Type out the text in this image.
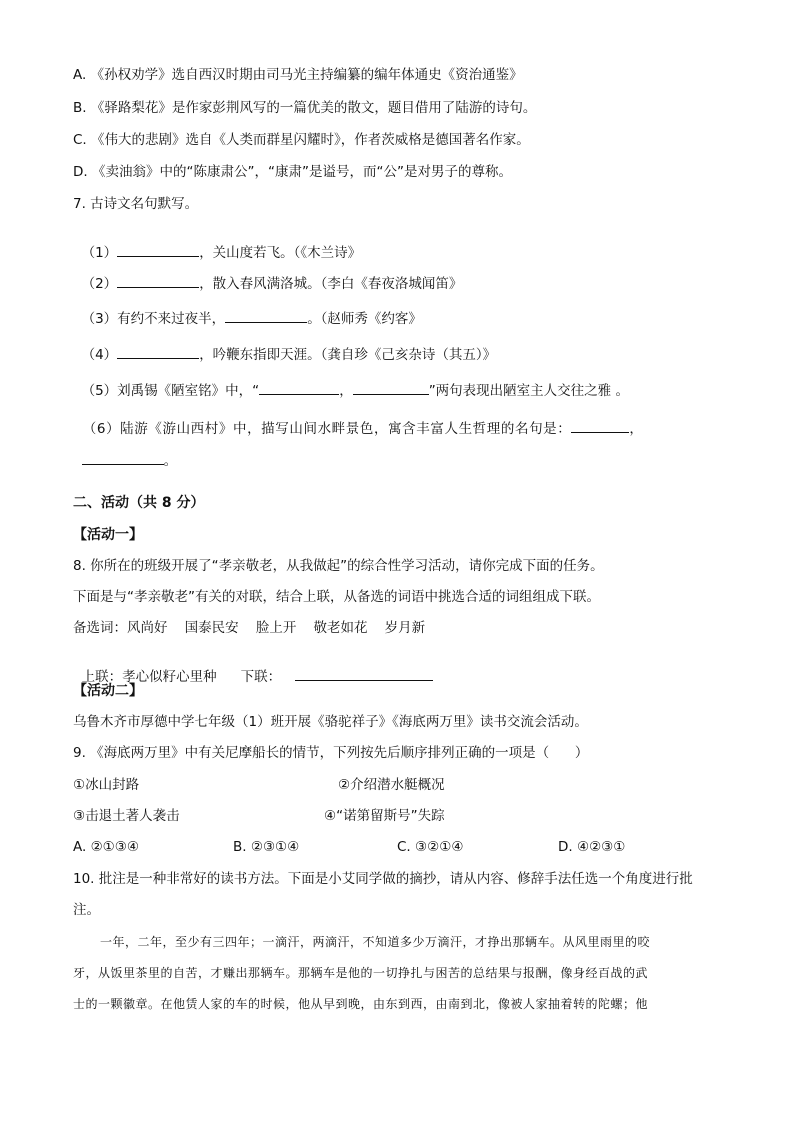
A. 《孙权劝学》选自西汉时期由司马光主持编纂的编年体通史《资治通鉴》
B. 《驿路梨花》是作家彭荆风写的一篇优美的散文，题目借用了陆游的诗句。
C. 《伟大的悲剧》选自《人类而群星闪耀时》，作者茨威格是德国著名作家。
D. 《卖油翁》中的“陈康肃公”，“康肃”是谥号，而“公”是对男子的尊称。
7. 古诗文名句默写。

（1）	，关山度若飞。（《木兰诗》

（2）	，散入春风满洛城。（李白《春夜洛城闻笛》

（3）有约不来过夜半，	。（赵师秀《约客》

（4）	，吟鞭东指即天涯。（龚自珍《己亥杂诗（其五）》

（5）刘禹锡《陋室铭》中，“	，	”两句表现出陋室主人交往之雅 。

（6）陆游《游山西村》中，描写山间水畔景色，寓含丰富人生哲理的名句是：	，

。

二、活动（共 8 分）
【活动一】
8. 你所在的班级开展了“孝亲敬老，从我做起”的综合性学习活动，请你完成下面的任务。
下面是与“孝亲敬老”有关的对联，结合上联，从备选的词语中挑选合适的词组组成下联。
备选词：风尚好    国泰民安    脸上开    敬老如花    岁月新

上联：孝心似籽心里种 下联：

【活动二】
乌鲁木齐市厚德中学七年级（1）班开展《骆驼祥子》《海底两万里》读书交流会活动。
9. 《海底两万里》中有关尼摩船长的情节，下列按先后顺序排列正确的一项是（      ）
①冰山封路	②介绍潜水艇概况
③击退土著人袭击	④“诺第留斯号”失踪
A. ②①③④	B. ②③①④	C. ③②①④	D. ④②③①
10. 批注是一种非常好的读书方法。下面是小艾同学做的摘抄，请从内容、修辞手法任选一个角度进行批
注。
一年，二年，至少有三四年；一滴汗，两滴汗，不知道多少万滴汗，才挣出那辆车。从风里雨里的咬
牙，从饭里茶里的自苦，才赚出那辆车。那辆车是他的一切挣扎与困苦的总结果与报酬，像身经百战的武
士的一颗徽章。在他赁人家的车的时候，他从早到晚，由东到西，由南到北，像被人家抽着转的陀螺；他
